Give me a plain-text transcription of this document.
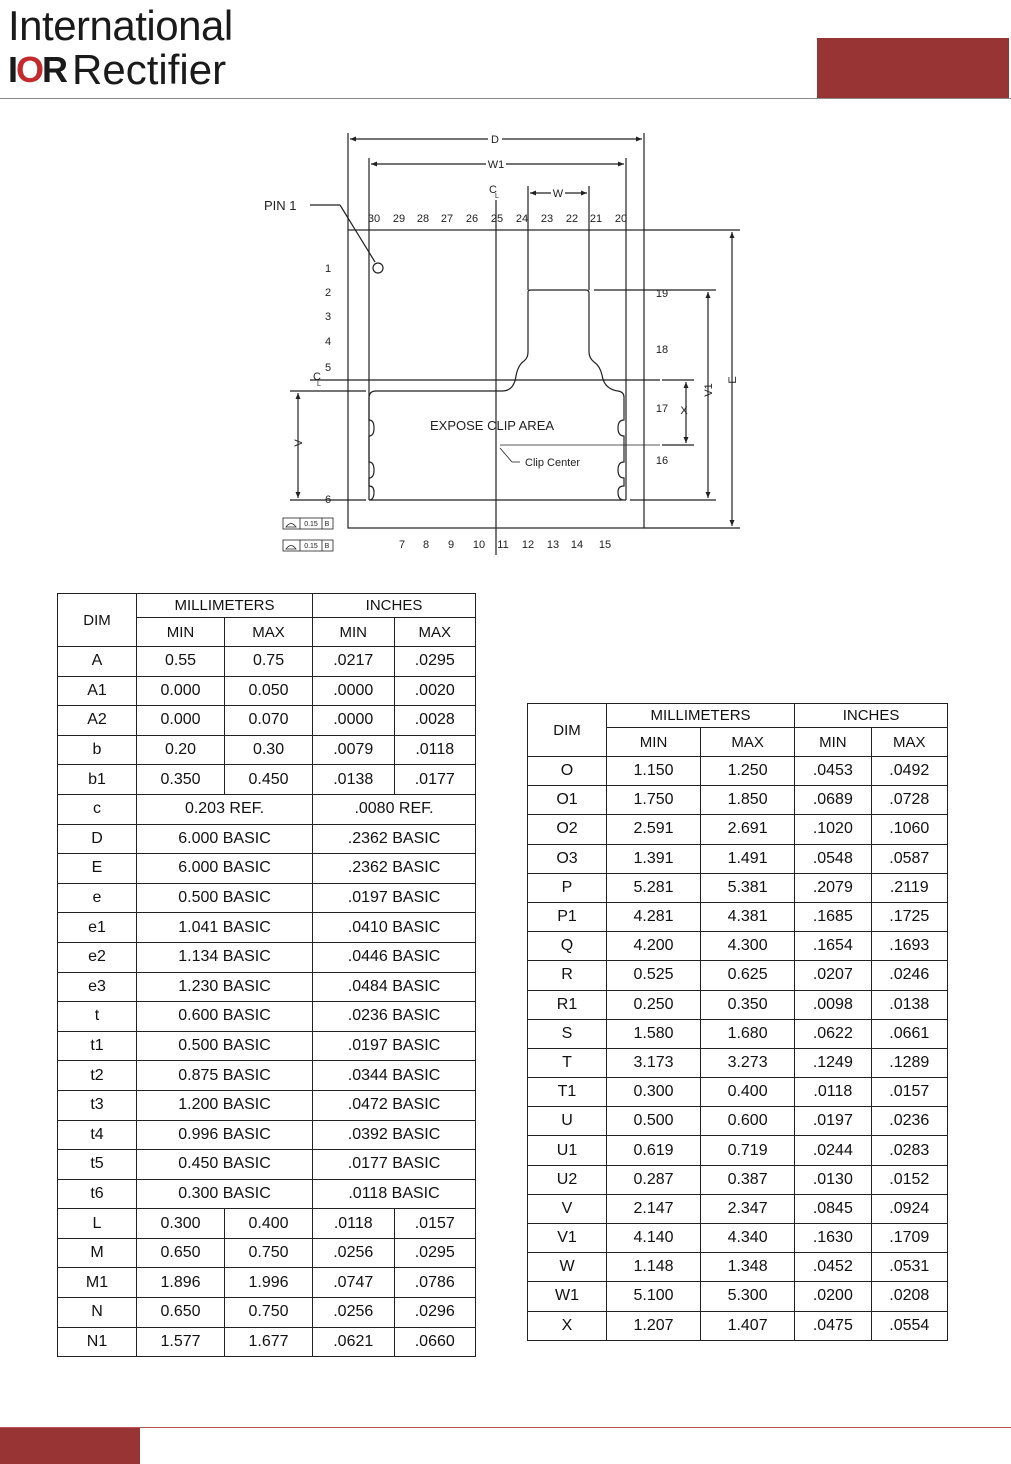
International
IOR Rectifier
D
W1
W
C
L
C
L
PIN 1
EXPOSE CLIP AREA
Clip Center
V
V1
E
X
0.15 B
0.15 B
30 29 28 27 26 25 24 23 22 21 20
1
2
3
4
5
6
19
18
17
16
7 8 9 10 11 12 13 14 15
DIM	MILLIMETERS		INCHES	
	MIN	MAX	MIN	MAX
A	0.55	0.75	.0217	.0295
A1	0.000	0.050	.0000	.0020
A2	0.000	0.070	.0000	.0028
b	0.20	0.30	.0079	.0118
b1	0.350	0.450	.0138	.0177
c	0.203 REF.		.0080 REF.	
D	6.000 BASIC		.2362 BASIC	
E	6.000 BASIC		.2362 BASIC	
e	0.500 BASIC		.0197 BASIC	
e1	1.041 BASIC		.0410 BASIC	
e2	1.134 BASIC		.0446 BASIC	
e3	1.230 BASIC		.0484 BASIC	
t	0.600 BASIC		.0236 BASIC	
t1	0.500 BASIC		.0197 BASIC	
t2	0.875 BASIC		.0344 BASIC	
t3	1.200 BASIC		.0472 BASIC	
t4	0.996 BASIC		.0392 BASIC	
t5	0.450 BASIC		.0177 BASIC	
t6	0.300 BASIC		.0118 BASIC	
L	0.300	0.400	.0118	.0157
M	0.650	0.750	.0256	.0295
M1	1.896	1.996	.0747	.0786
N	0.650	0.750	.0256	.0296
N1	1.577	1.677	.0621	.0660
DIM	MILLIMETERS		INCHES	
	MIN	MAX	MIN	MAX
O	1.150	1.250	.0453	.0492
O1	1.750	1.850	.0689	.0728
O2	2.591	2.691	.1020	.1060
O3	1.391	1.491	.0548	.0587
P	5.281	5.381	.2079	.2119
P1	4.281	4.381	.1685	.1725
Q	4.200	4.300	.1654	.1693
R	0.525	0.625	.0207	.0246
R1	0.250	0.350	.0098	.0138
S	1.580	1.680	.0622	.0661
T	3.173	3.273	.1249	.1289
T1	0.300	0.400	.0118	.0157
U	0.500	0.600	.0197	.0236
U1	0.619	0.719	.0244	.0283
U2	0.287	0.387	.0130	.0152
V	2.147	2.347	.0845	.0924
V1	4.140	4.340	.1630	.1709
W	1.148	1.348	.0452	.0531
W1	5.100	5.300	.0200	.0208
X	1.207	1.407	.0475	.0554
